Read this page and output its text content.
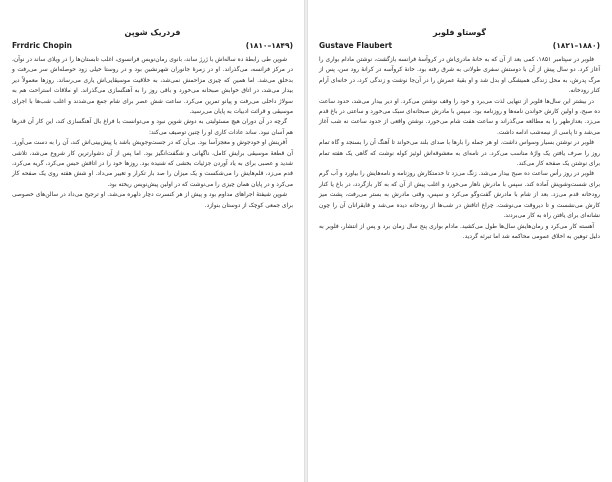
فردریک شوپن
Frrdric Chopin	(۱۸۴۹–۱۸۱۰)

شوپن طی رابطهٔ ده ساله‌اش با ژرژ ساند، بانوی رمان‌نویس فرانسوی، اغلب تابستان‌ها را در ویلای ساند در نوآن، در مرکز فرانسه، می‌گذراند. او در زمرهٔ جانوران شهرنشین بود و در روستا خیلی زود حوصله‌اش سر می‌رفت و بدخلق می‌شد. اما همین که چیزی مزاحمش نمی‌شد، به خلاقیت موسیقایی‌اش یاری می‌رساند. روزها معمولاً دیر بیدار می‌شد، در اتاق خوابش صبحانه می‌خورد و باقی روز را به آهنگسازی می‌گذراند. او ملاقات استراحت هم به سولاژ داخلی می‌رفت و پیانو تمرین می‌کرد. ساعت شش عصر برای شام جمع می‌شدند و اغلب شب‌ها با اجرای موسیقی و قرائت ادبیات به پایان می‌رسید.

گرچه در آن دوران هیچ مسئولیتی به دوش شوپن نبود و می‌توانست با فراغ بال آهنگسازی کند، این کار آن قدرها هم آسان نبود. ساند عادات کاری او را چنین توصیف می‌کند:

آفرینش او خودجوش و معجزآسا بود. بی‌آن که در جست‌وجویش باشد یا پیش‌بینی‌اش کند، آن را به دست می‌آورد. آن قطعهٔ موسیقی برایش کامل، ناگهانی و شگفت‌انگیز بود. اما پس از آن دشوارترین کار شروع می‌شد، تلاشی شدید و عصبی برای به یاد آوردن جزئیات بخشی که شنیده بود. روزها خود را در اتاقش حبس می‌کرد، گریه می‌کرد، قدم می‌زد، قلم‌هایش را می‌شکست و یک میزان را صد بار تکرار و تغییر می‌داد. او شش هفته روی یک صفحه کار می‌کرد و در پایان همان چیزی را می‌نوشت که در اولین پیش‌نویس ریخته بود.

شوپن شیفتهٔ اجراهای مداوم بود و پیش از هر کنسرت دچار دلهره می‌شد. او ترجیح می‌داد در سالن‌های خصوصی برای جمعی کوچک از دوستان بنوازد.

گوستاو فلوبر
Gustave Flaubert	(۱۸۸۰–۱۸۲۱)

فلوبر در سپتامبر ۱۸۵۱، کمی بعد از آن که به خانهٔ مادری‌اش در کروآسهٔ فرانسه بازگشت، نوشتن مادام بواری را آغاز کرد. دو سال پیش از آن با دوستش سفری طولانی به شرق رفته بود. خانهٔ کروآسه در کرانهٔ رود سن، پس از مرگ پدرش، به محل زندگی همیشگی او بدل شد و او بقیهٔ عمرش را در آن‌جا نوشت و زندگی کرد، در خانه‌ای آرام کنار رودخانه.

در بیشتر این سال‌ها فلوبر از تنهایی لذت می‌برد و خود را وقف نوشتن می‌کرد. او دیر بیدار می‌شد، حدود ساعت ده صبح، و اولین کارش خواندن نامه‌ها و روزنامه بود. سپس با مادرش صبحانه‌ای سبک می‌خورد و ساعتی در باغ قدم می‌زد. بعدازظهر را به مطالعه می‌گذراند و ساعت هفت شام می‌خورد. نوشتن واقعی از حدود ساعت نه شب آغاز می‌شد و تا پاسی از نیمه‌شب ادامه داشت.

فلوبر در نوشتن بسیار وسواس داشت. او هر جمله را بارها با صدای بلند می‌خواند تا آهنگ آن را بسنجد و گاه تمام روز را صرف یافتن یک واژهٔ مناسب می‌کرد. در نامه‌ای به معشوقه‌اش لوئیز کوله نوشت که گاهی یک هفته تمام برای نوشتن یک صفحه کار می‌کند.

فلوبر در روز رأس ساعت ده صبح بیدار می‌شد. زنگ می‌زد تا خدمتکارش روزنامه و نامه‌هایش را بیاورد و آب گرم برای شست‌وشویش آماده کند. سپس با مادرش ناهار می‌خورد و اغلب پیش از آن که به کار بازگردد، در باغ یا کنار رودخانه قدم می‌زد. بعد از شام با مادرش گفت‌وگو می‌کرد و سپس، وقتی مادرش به بستر می‌رفت، پشت میز کارش می‌نشست و تا دیروقت می‌نوشت. چراغ اتاقش در شب‌ها از رودخانه دیده می‌شد و قایقرانان آن را چون نشانه‌ای برای یافتن راه به کار می‌بردند.

آهسته کار می‌کرد و رمان‌هایش سال‌ها طول می‌کشید. مادام بواری پنج سال زمان برد و پس از انتشار، فلوبر به دلیل توهین به اخلاق عمومی محاکمه شد اما تبرئه گردید.
